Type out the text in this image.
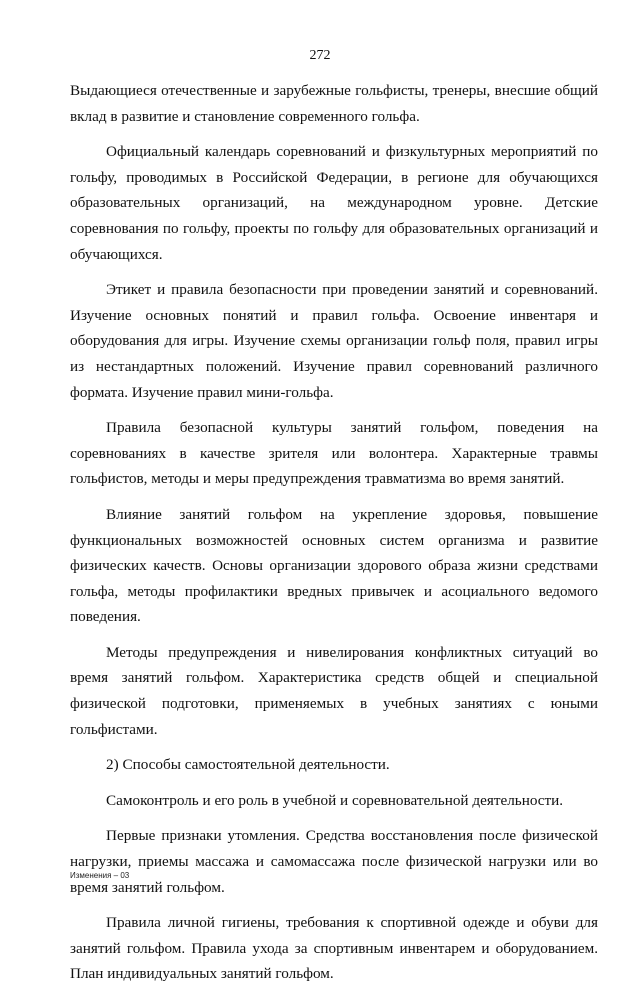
272

Выдающиеся отечественные и зарубежные гольфисты, тренеры, внесшие общий вклад в развитие и становление современного гольфа.

Официальный календарь соревнований и физкультурных мероприятий по гольфу, проводимых в Российской Федерации, в регионе для обучающихся образовательных организаций, на международном уровне. Детские соревнования по гольфу, проекты по гольфу для образовательных организаций и обучающихся.

Этикет и правила безопасности при проведении занятий и соревнований. Изучение основных понятий и правил гольфа. Освоение инвентаря и оборудования для игры. Изучение схемы организации гольф поля, правил игры из нестандартных положений. Изучение правил соревнований различного формата. Изучение правил мини-гольфа.

Правила безопасной культуры занятий гольфом, поведения на соревнованиях в качестве зрителя или волонтера. Характерные травмы гольфистов, методы и меры предупреждения травматизма во время занятий.

Влияние занятий гольфом на укрепление здоровья, повышение функциональных возможностей основных систем организма и развитие физических качеств. Основы организации здорового образа жизни средствами гольфа, методы профилактики вредных привычек и асоциального ведомого поведения.

Методы предупреждения и нивелирования конфликтных ситуаций во время занятий гольфом. Характеристика средств общей и специальной физической подготовки, применяемых в учебных занятиях с юными гольфистами.

2) Способы самостоятельной деятельности.

Самоконтроль и его роль в учебной и соревновательной деятельности.

Первые признаки утомления. Средства восстановления после физической нагрузки, приемы массажа и самомассажа после физической нагрузки или во время занятий гольфом.

Правила личной гигиены, требования к спортивной одежде и обуви для занятий гольфом. Правила ухода за спортивным инвентарем и оборудованием. План индивидуальных занятий гольфом.

Изменения – 03
